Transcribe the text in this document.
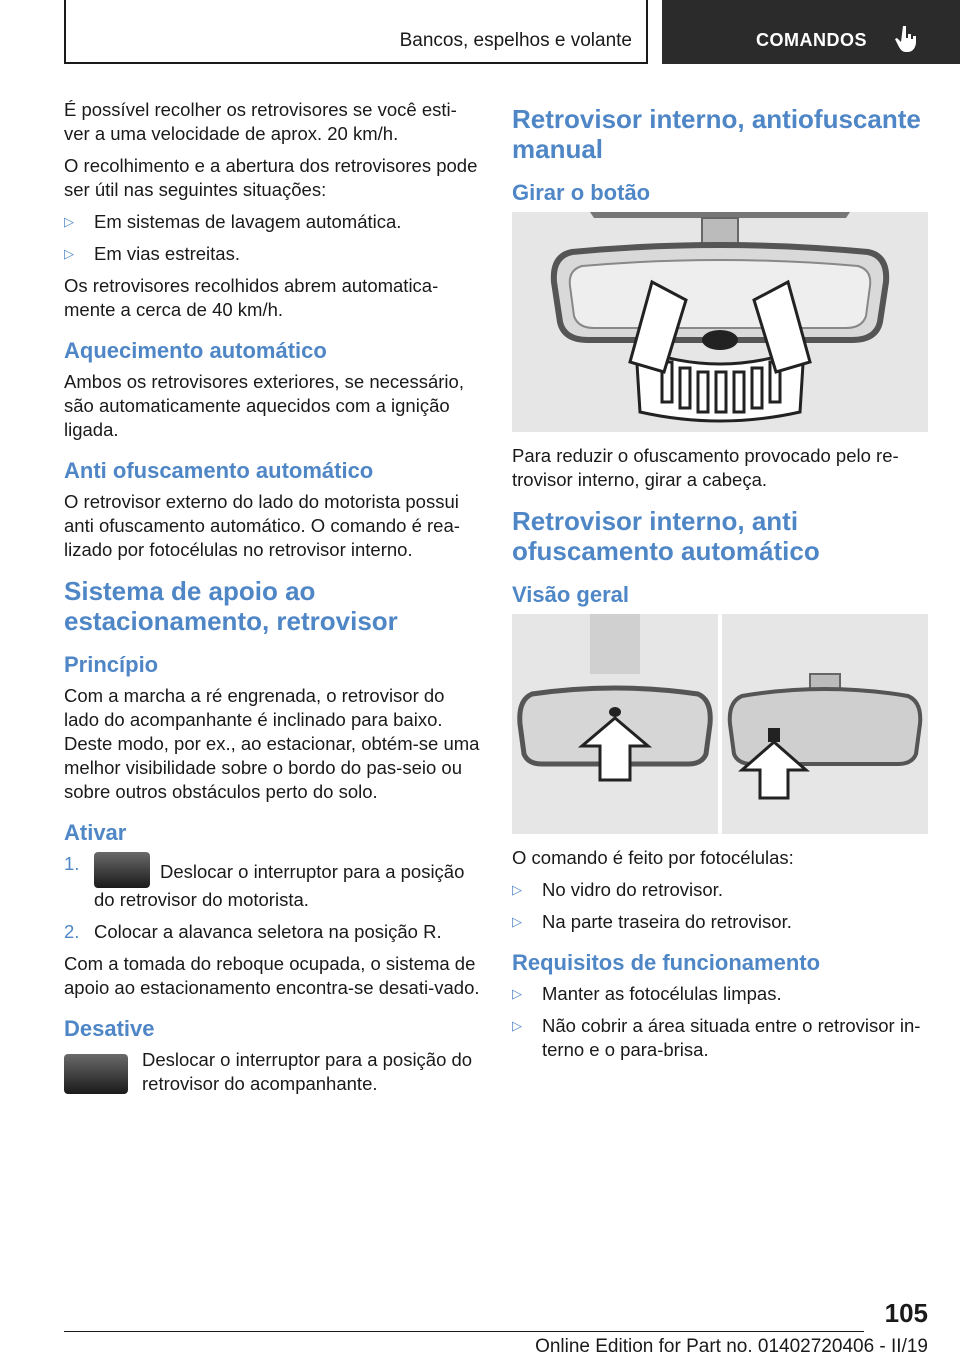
Bancos, espelhos e volante	COMANDOS

É possível recolher os retrovisores se você esti- ver a uma velocidade de aprox. 20 km/h.

O recolhimento e a abertura dos retrovisores pode ser útil nas seguintes situações:

▷	Em sistemas de lavagem automática.
▷	Em vias estreitas.

Os retrovisores recolhidos abrem automatica-mente a cerca de 40 km/h.

Aquecimento automático

Ambos os retrovisores exteriores, se necessário, são automaticamente aquecidos com a ignição ligada.

Anti ofuscamento automático

O retrovisor externo do lado do motorista possui anti ofuscamento automático. O comando é rea-lizado por fotocélulas no retrovisor interno.

Sistema de apoio ao estacionamento, retrovisor
Princípio

Com a marcha a ré engrenada, o retrovisor do lado do acompanhante é inclinado para baixo. Deste modo, por ex., ao estacionar, obtém-se uma melhor visibilidade sobre o bordo do pas-seio ou sobre outros obstáculos perto do solo.

Ativar
1.	Deslocar o interruptor para a posição do retrovisor do motorista.
2. Colocar a alavanca seletora na posição R.

Com a tomada do reboque ocupada, o sistema de apoio ao estacionamento encontra-se desati-vado.

Desative
Deslocar o interruptor para a posição do retrovisor do acompanhante.
Retrovisor interno, antiofuscante manual
Girar o botão

Para reduzir o ofuscamento provocado pelo re-trovisor interno, girar a cabeça.

Retrovisor interno, anti ofuscamento automático
Visão geral

O comando é feito por fotocélulas:

▷	No vidro do retrovisor.
▷	Na parte traseira do retrovisor.
Requisitos de funcionamento
▷	Manter as fotocélulas limpas.
▷	Não cobrir a área situada entre o retrovisor in-terno e o para-brisa.
105
Online Edition for Part no. 01402720406 - II/19
